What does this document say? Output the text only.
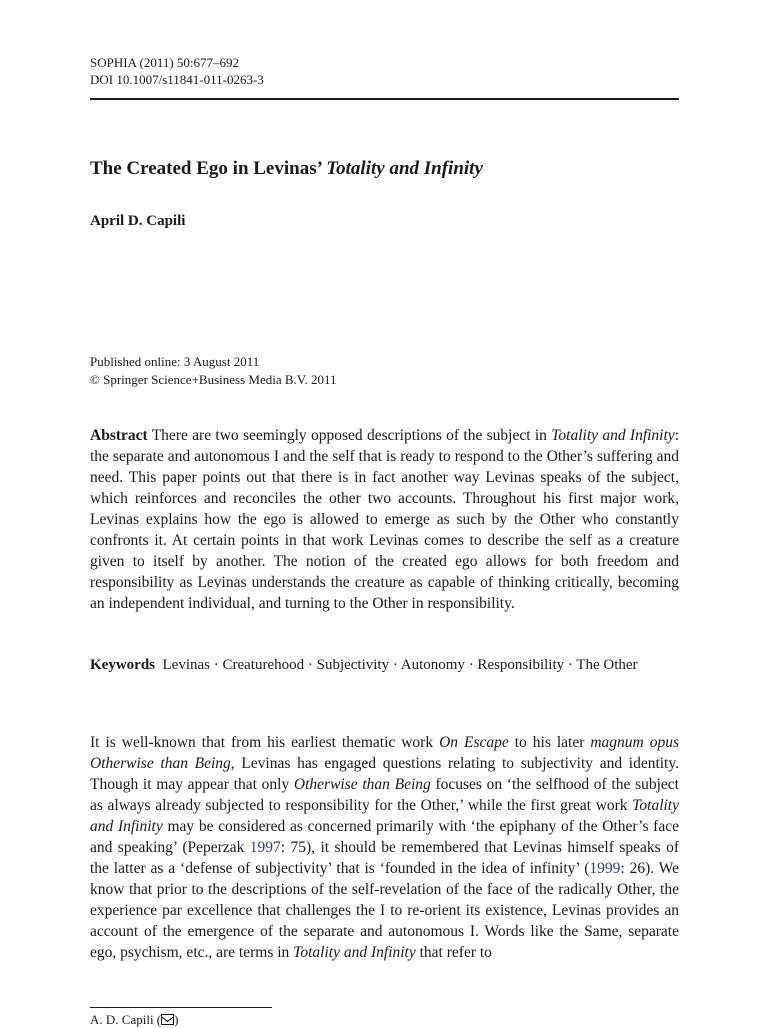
SOPHIA (2011) 50:677–692
DOI 10.1007/s11841-011-0263-3
The Created Ego in Levinas’ Totality and Infinity
April D. Capili
Published online: 3 August 2011
© Springer Science+Business Media B.V. 2011
Abstract There are two seemingly opposed descriptions of the subject in Totality and Infinity: the separate and autonomous I and the self that is ready to respond to the Other’s suffering and need. This paper points out that there is in fact another way Levinas speaks of the subject, which reinforces and reconciles the other two accounts. Throughout his first major work, Levinas explains how the ego is allowed to emerge as such by the Other who constantly confronts it. At certain points in that work Levinas comes to describe the self as a creature given to itself by another. The notion of the created ego allows for both freedom and responsibility as Levinas understands the creature as capable of thinking critically, becoming an independent individual, and turning to the Other in responsibility.
Keywords Levinas · Creaturehood · Subjectivity · Autonomy · Responsibility · The Other
It is well-known that from his earliest thematic work On Escape to his later magnum opus Otherwise than Being, Levinas has engaged questions relating to subjectivity and identity. Though it may appear that only Otherwise than Being focuses on ‘the selfhood of the subject as always already subjected to responsibility for the Other,’ while the first great work Totality and Infinity may be considered as concerned primarily with ‘the epiphany of the Other’s face and speaking’ (Peperzak 1997: 75), it should be remembered that Levinas himself speaks of the latter as a ‘defense of subjectivity’ that is ‘founded in the idea of infinity’ (1999: 26). We know that prior to the descriptions of the self-revelation of the face of the radically Other, the experience par excellence that challenges the I to re-orient its existence, Levinas provides an account of the emergence of the separate and autonomous I. Words like the Same, separate ego, psychism, etc., are terms in Totality and Infinity that refer to
A. D. Capili ( )
